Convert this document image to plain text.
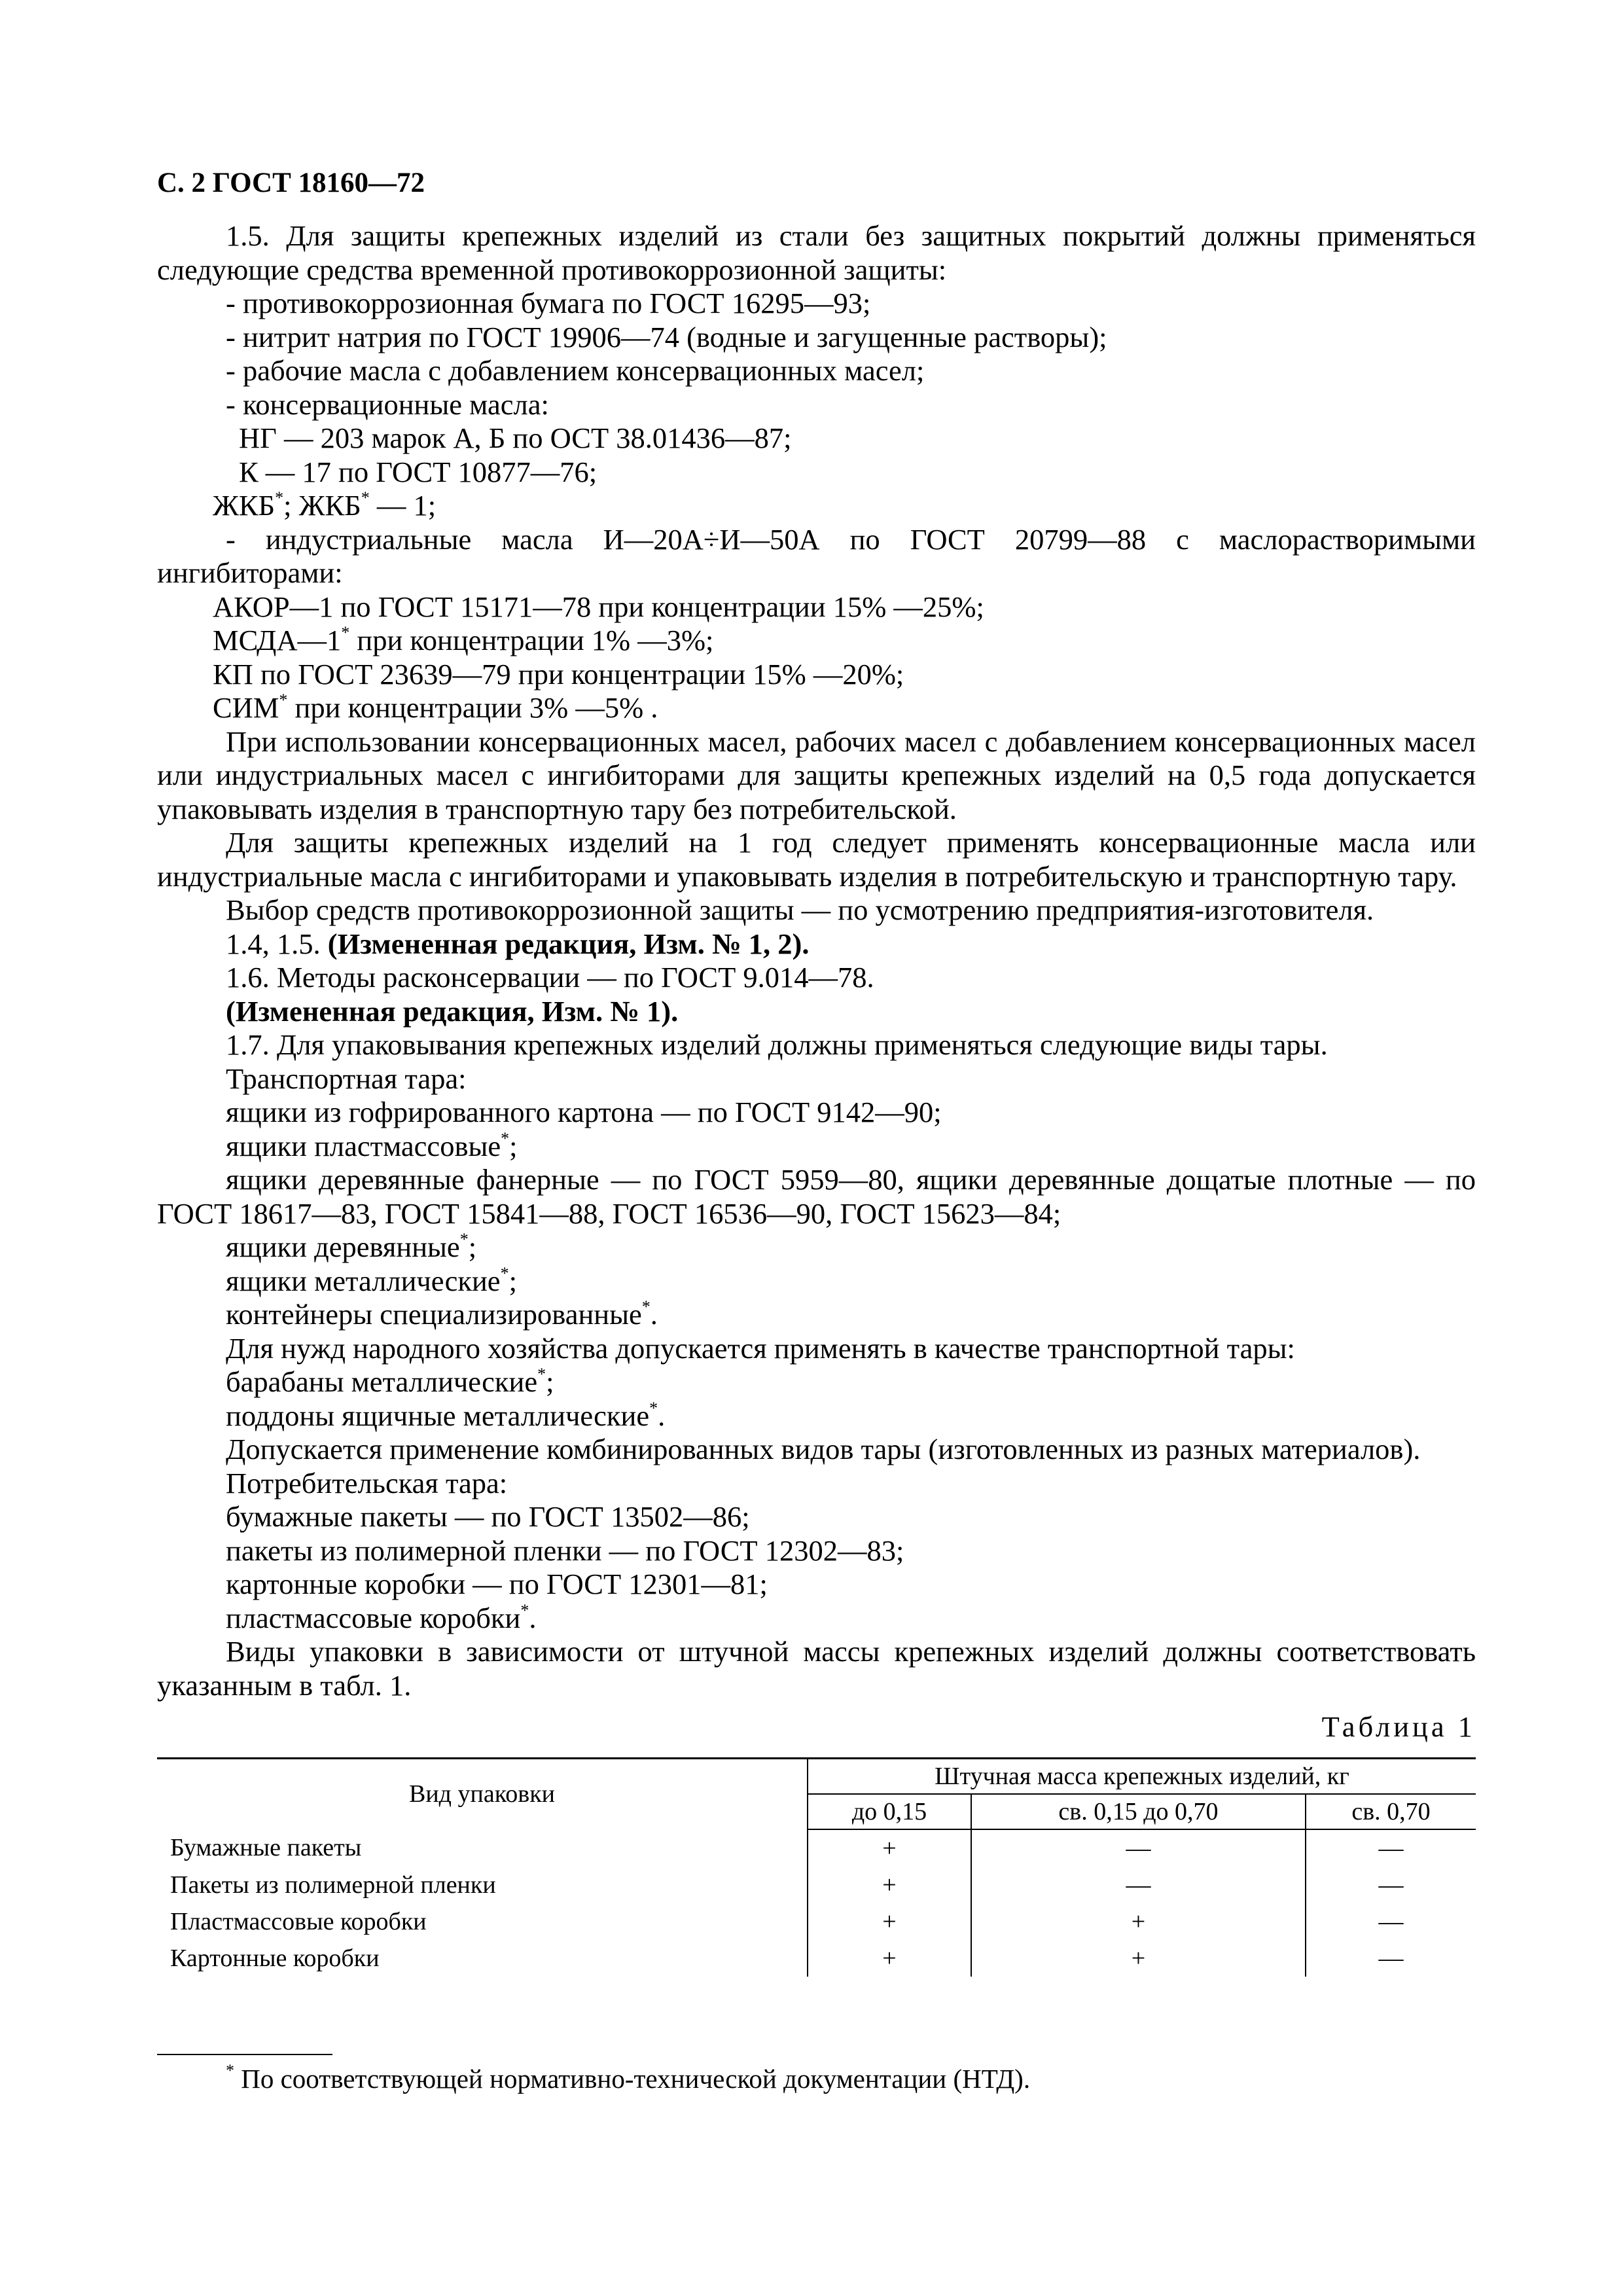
С. 2 ГОСТ 18160—72

1.5. Для защиты крепежных изделий из стали без защитных покрытий должны применяться следующие средства временной противокоррозионной защиты:

- противокоррозионная бумага по ГОСТ 16295—93;

- нитрит натрия по ГОСТ 19906—74 (водные и загущенные растворы);

- рабочие масла с добавлением консервационных масел;

- консервационные масла:

НГ — 203 марок А, Б по ОСТ 38.01436—87;

К — 17 по ГОСТ 10877—76;

ЖКБ*; ЖКБ* — 1;

- индустриальные масла И—20А÷И—50А по ГОСТ 20799—88 с маслорастворимыми ингибиторами:

АКОР—1 по ГОСТ 15171—78 при концентрации 15% —25%;

МСДА—1* при концентрации 1% —3%;

КП по ГОСТ 23639—79 при концентрации 15% —20%;

СИМ* при концентрации 3% —5% .

При использовании консервационных масел, рабочих масел с добавлением консервационных масел или индустриальных масел с ингибиторами для защиты крепежных изделий на 0,5 года допускается упаковывать изделия в транспортную тару без потребительской.

Для защиты крепежных изделий на 1 год следует применять консервационные масла или индустриальные масла с ингибиторами и упаковывать изделия в потребительскую и транспортную тару.

Выбор средств противокоррозионной защиты — по усмотрению предприятия-изготовителя.

1.4, 1.5. (Измененная редакция, Изм. № 1, 2).

1.6. Методы расконсервации — по ГОСТ 9.014—78.

(Измененная редакция, Изм. № 1).

1.7. Для упаковывания крепежных изделий должны применяться следующие виды тары.

Транспортная тара:

ящики из гофрированного картона — по ГОСТ 9142—90;

ящики пластмассовые*;

ящики деревянные фанерные — по ГОСТ 5959—80, ящики деревянные дощатые плотные — по ГОСТ 18617—83, ГОСТ 15841—88, ГОСТ 16536—90, ГОСТ 15623—84;

ящики деревянные*;

ящики металлические*;

контейнеры специализированные*.

Для нужд народного хозяйства допускается применять в качестве транспортной тары:

барабаны металлические*;

поддоны ящичные металлические*.

Допускается применение комбинированных видов тары (изготовленных из разных материалов).

Потребительская тара:

бумажные пакеты — по ГОСТ 13502—86;

пакеты из полимерной пленки — по ГОСТ 12302—83;

картонные коробки — по ГОСТ 12301—81;

пластмассовые коробки*.

Виды упаковки в зависимости от штучной массы крепежных изделий должны соответствовать указанным в табл. 1.

Таблица 1

Вид упаковки	Штучная масса крепежных изделий, кг		
	до 0,15	св. 0,15 до 0,70	св. 0,70
Бумажные пакеты	+	—	—
Пакеты из полимерной пленки	+	—	—
Пластмассовые коробки	+	+	—
Картонные коробки	+	+	—
* По соответствующей нормативно-технической документации (НТД).
